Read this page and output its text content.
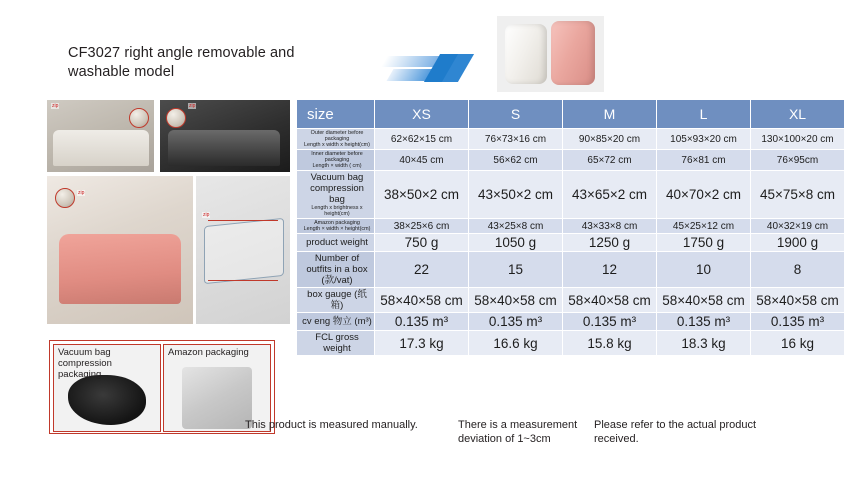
CF3027 right angle removable and washable model
zip	zip
zip
zip
Vacuum bag compression packaging
Amazon packaging
size	XS	S	M	L	XL

Outer diameter before packaging
Length x width x height(cm)	62×62×15 cm	76×73×16 cm	90×85×20 cm	105×93×20 cm	130×100×20 cm

Inner diameter before packaging
Length × width ( cm)	40×45 cm	56×62 cm	65×72 cm	76×81 cm	76×95cm

Vacuum bag compression bag
Length x brightness x height(cm)	38×50×2 cm	43×50×2 cm	43×65×2 cm	40×70×2 cm	45×75×8 cm

Amazon packaging
Length × width × height(cm)	38×25×6 cm	43×25×8 cm	43×33×8 cm	45×25×12 cm	40×32×19 cm

product weight	750 g	1050 g	1250 g	1750 g	1900 g

Number of outfits in a box (款/vat)	22	15	12	10	8

box gauge (纸箱)	58×40×58 cm	58×40×58 cm	58×40×58 cm	58×40×58 cm	58×40×58 cm

cv eng 物立 (m³)	0.135 m³	0.135 m³	0.135 m³	0.135 m³	0.135 m³

FCL gross weight	17.3 kg	16.6 kg	15.8 kg	18.3 kg	16 kg
This product is measured manually.	There is a measurement deviation of 1~3cm
Please refer to the actual product received.
